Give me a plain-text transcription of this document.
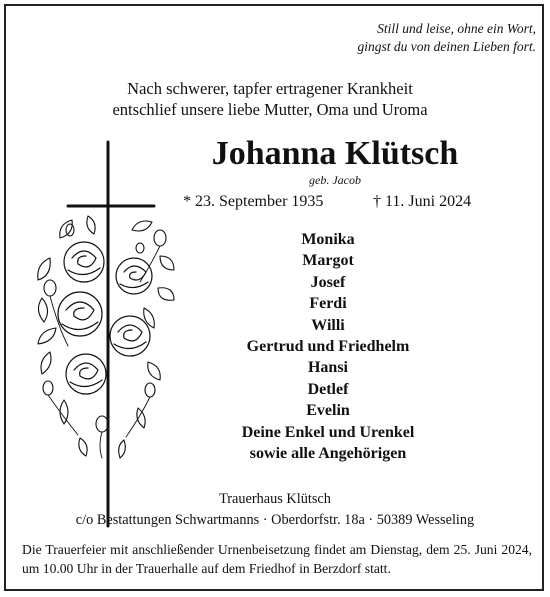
Still und leise, ohne ein Wort,
gingst du von deinen Lieben fort.
Nach schwerer, tapfer ertragener Krankheit
entschlief unsere liebe Mutter, Oma und Uroma
Johanna Klütsch
geb. Jacob
* 23. September 1935	† 11. Juni 2024
Monika
Margot
Josef
Ferdi
Willi
Gertrud und Friedhelm
Hansi
Detlef
Evelin
Deine Enkel und Urenkel
sowie alle Angehörigen
Trauerhaus Klütsch
c/o Bestattungen Schwartmanns · Oberdorfstr. 18a · 50389 Wesseling
Die Trauerfeier mit anschließender Urnenbeisetzung findet am Dienstag, dem 25. Juni 2024, um 10.00 Uhr in der Trauerhalle auf dem Friedhof in Berzdorf statt.
